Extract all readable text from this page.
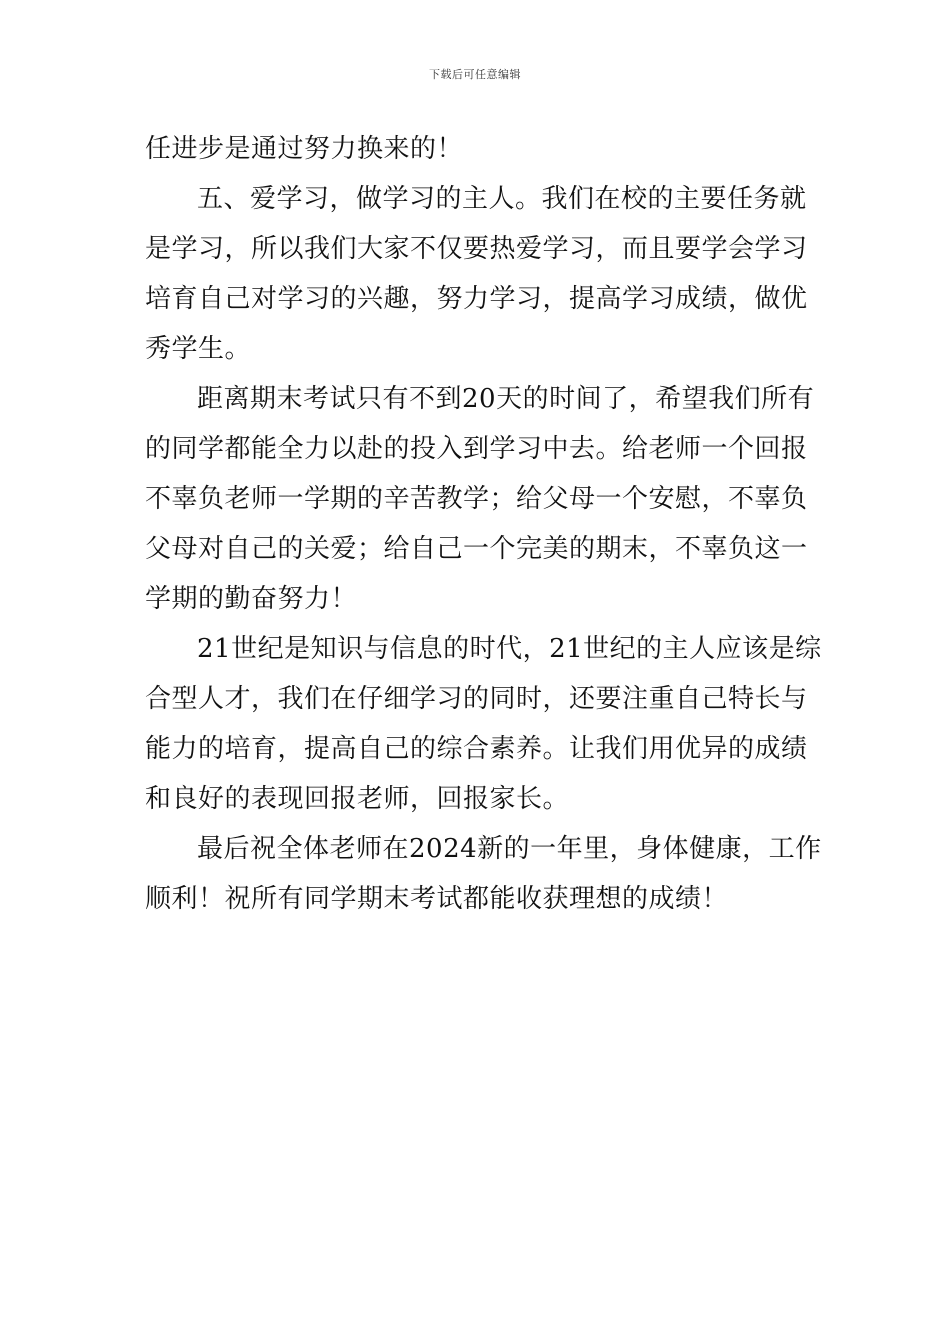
下载后可任意编辑
任进步是通过努力换来的！
五、爱学习，做学习的主人。我们在校的主要任务就
是学习，所以我们大家不仅要热爱学习，而且要学会学习
培育自己对学习的兴趣，努力学习，提高学习成绩，做优
秀学生。
距离期末考试只有不到20天的时间了，希望我们所有
的同学都能全力以赴的投入到学习中去。给老师一个回报
不辜负老师一学期的辛苦教学；给父母一个安慰，不辜负
父母对自己的关爱；给自己一个完美的期末，不辜负这一
学期的勤奋努力！
21世纪是知识与信息的时代，21世纪的主人应该是综
合型人才，我们在仔细学习的同时，还要注重自己特长与
能力的培育，提高自己的综合素养。让我们用优异的成绩
和良好的表现回报老师，回报家长。
最后祝全体老师在2024新的一年里，身体健康，工作
顺利！祝所有同学期末考试都能收获理想的成绩！
